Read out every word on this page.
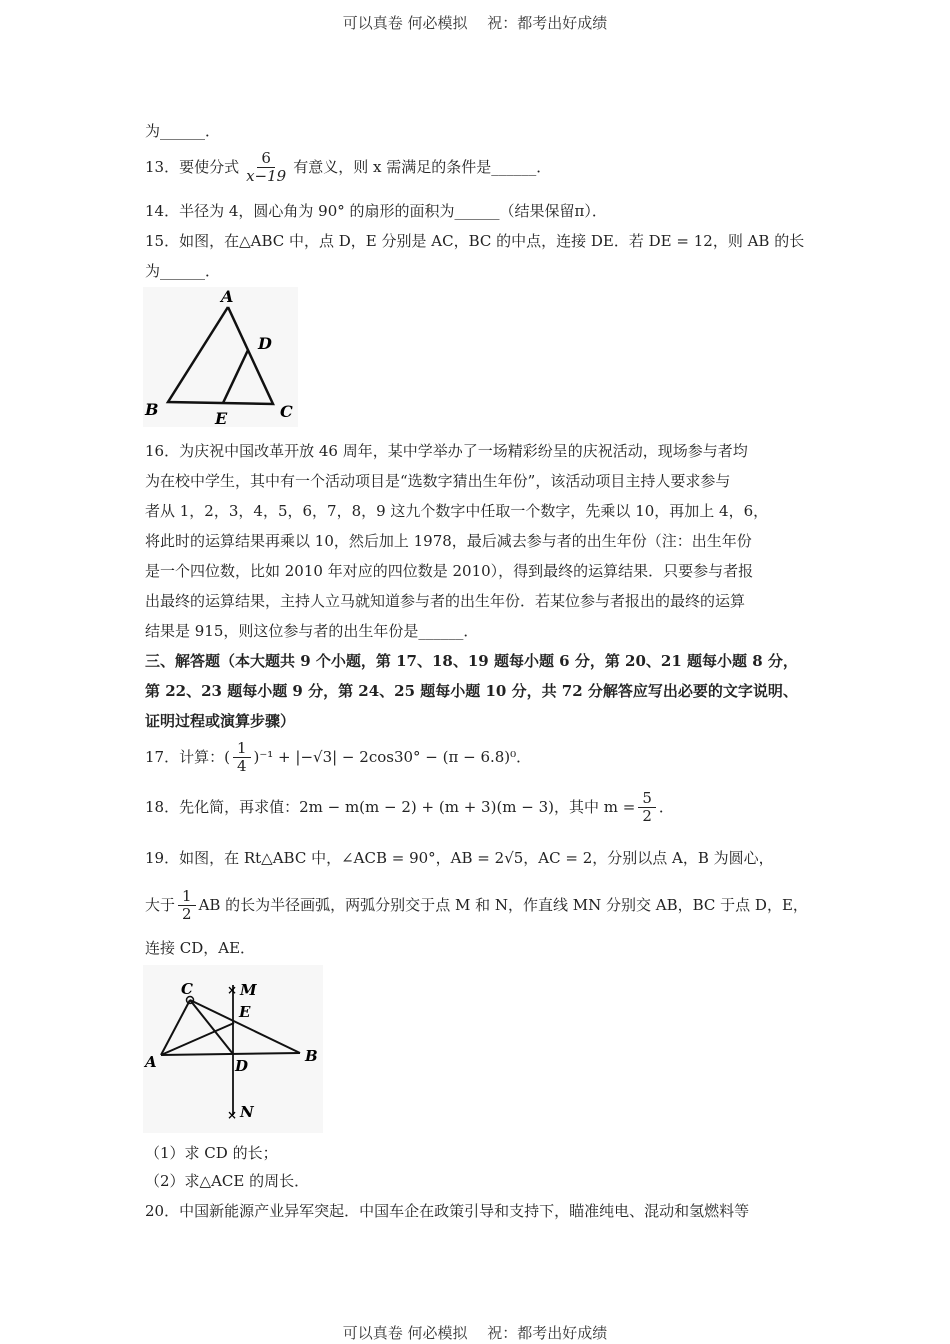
可以真卷 何必模拟　 祝：都考出好成绩
为______．
13．要使分式 $\frac{6}{x-19}$ 有意义，则 x 需满足的条件是______．
14．半径为 4，圆心角为 90° 的扇形的面积为______（结果保留π）．
15．如图，在△ABC 中，点 D，E 分别是 AC，BC 的中点，连接 DE．若 DE = 12，则 AB 的长
为______．
A
D
B	E	C
16．为庆祝中国改革开放 46 周年，某中学举办了一场精彩纷呈的庆祝活动，现场参与者均
为在校中学生，其中有一个活动项目是“选数字猜出生年份”，该活动项目主持人要求参与
者从 1，2，3，4，5，6，7，8，9 这九个数字中任取一个数字，先乘以 10，再加上 4，6，
将此时的运算结果再乘以 10，然后加上 1978，最后减去参与者的出生年份（注：出生年份
是一个四位数，比如 2010 年对应的四位数是 2010），得到最终的运算结果．只要参与者报
出最终的运算结果，主持人立马就知道参与者的出生年份．若某位参与者报出的最终的运算
结果是 915，则这位参与者的出生年份是______．
三、解答题（本大题共 9 个小题，第 17、18、19 题每小题 6 分，第 20、21 题每小题 8 分，
第 22、23 题每小题 9 分，第 24、25 题每小题 10 分，共 72 分解答应写出必要的文字说明、
证明过程或演算步骤）
17．计算：( $\frac{1}{4} )^{-1} + |-√3| - 2\cos 30^\circ - (\pi - 6.8)^0$．
18．先化简，再求值：2m − m(m − 2) + (m + 3)(m − 3)，其中 $m = \frac{5}{2}$ ．
19．如图，在 Rt△ABC 中，∠ACB = 90°，AB = 2√5，AC = 2，分别以点 A，B 为圆心，
大于 $\frac{1}{2}$ AB 的长为半径画弧，两弧分别交于点 M 和 N，作直线 MN 分别交 AB，BC 于点 D，E，
连接 CD，AE．
×
×
C	M
E
A	B
D
N
（1）求 CD 的长；
（2）求△ACE 的周长．
20．中国新能源产业异军突起．中国车企在政策引导和支持下，瞄准纯电、混动和氢燃料等
可以真卷 何必模拟　 祝：都考出好成绩
